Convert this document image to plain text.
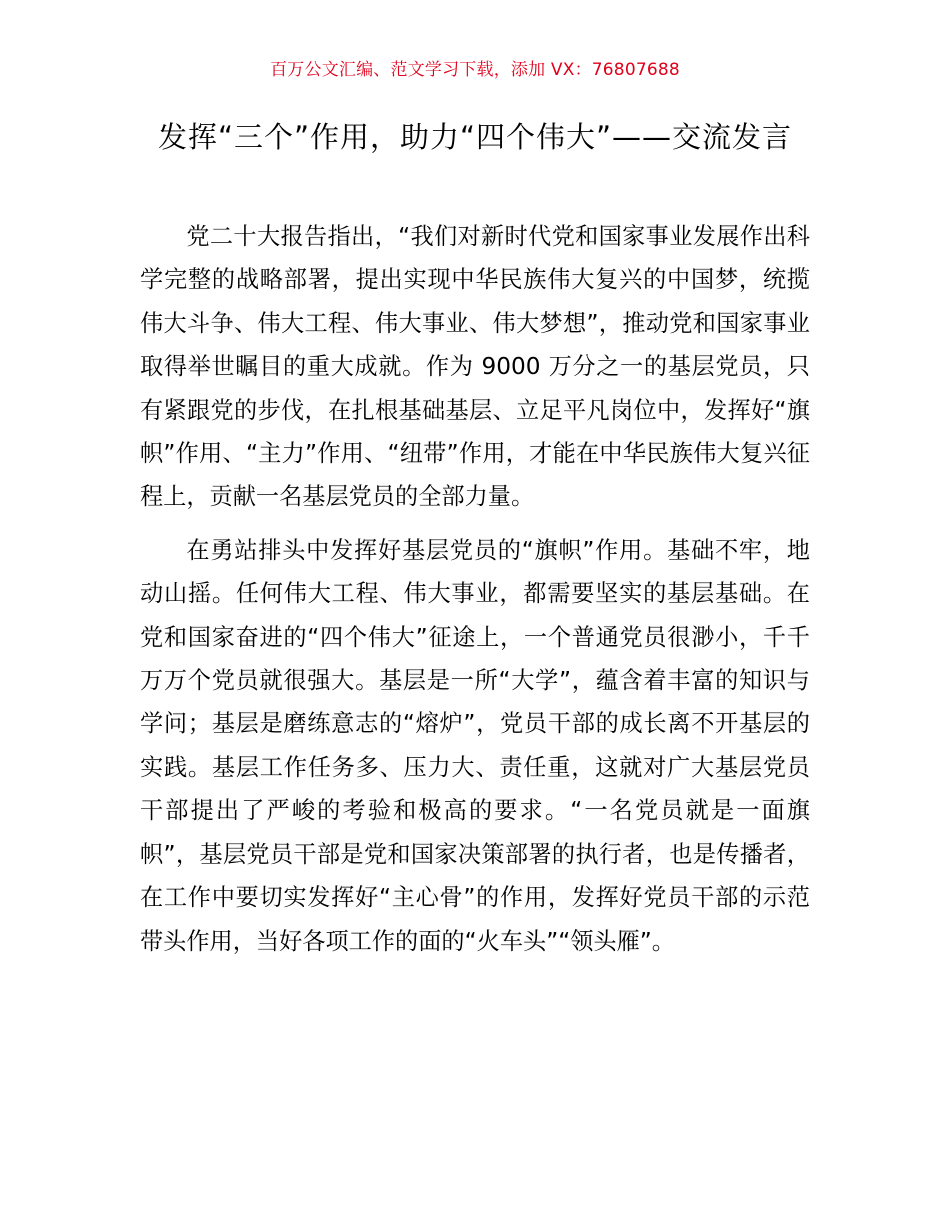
百万公文汇编、范文学习下载，添加 VX：76807688
发挥“三个”作用，助力“四个伟大”——交流发言

党二十大报告指出，“我们对新时代党和国家事业发展作出科学完整的战略部署，提出实现中华民族伟大复兴的中国梦，统揽伟大斗争、伟大工程、伟大事业、伟大梦想”，推动党和国家事业取得举世瞩目的重大成就。作为 9000 万分之一的基层党员，只有紧跟党的步伐，在扎根基础基层、立足平凡岗位中，发挥好“旗帜”作用、“主力”作用、“纽带”作用，才能在中华民族伟大复兴征程上，贡献一名基层党员的全部力量。

在勇站排头中发挥好基层党员的“旗帜”作用。基础不牢，地动山摇。任何伟大工程、伟大事业，都需要坚实的基层基础。在党和国家奋进的“四个伟大”征途上，一个普通党员很渺小，千千万万个党员就很强大。基层是一所“大学”，蕴含着丰富的知识与学问；基层是磨练意志的“熔炉”，党员干部的成长离不开基层的实践。基层工作任务多、压力大、责任重，这就对广大基层党员干部提出了严峻的考验和极高的要求。“一名党员就是一面旗帜”，基层党员干部是党和国家决策部署的执行者，也是传播者，在工作中要切实发挥好“主心骨”的作用，发挥好党员干部的示范带头作用，当好各项工作的面的“火车头”“领头雁”。
